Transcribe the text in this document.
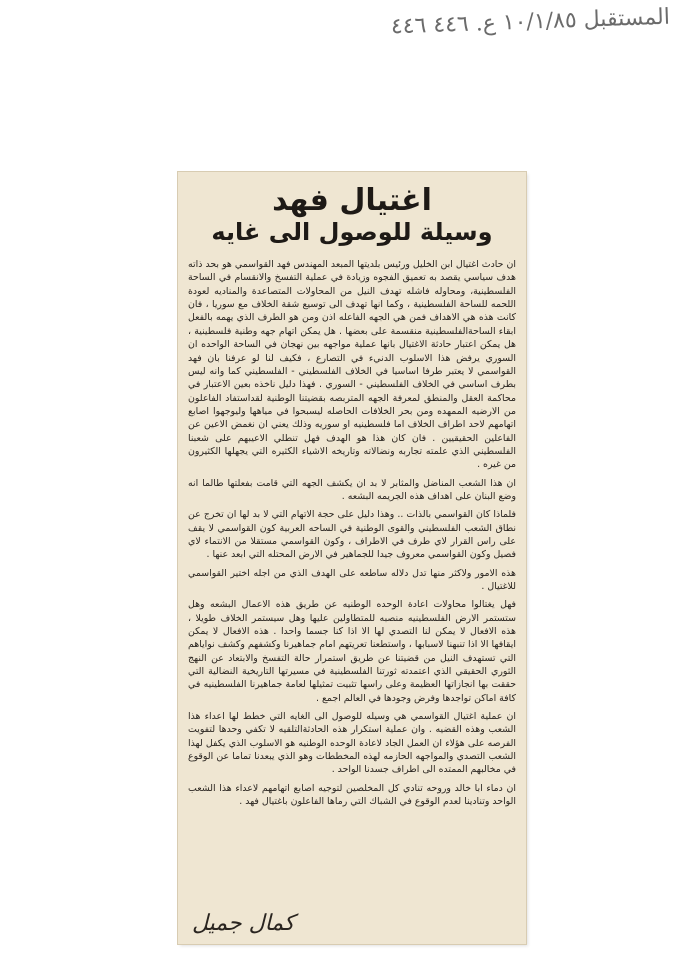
المستقبل ١٠/١/٨٥ ع. ٤٤٦ ٤٤٦
اغتيال فهد
وسيلة للوصول الى غايه

ان حادث اغتيال ابن الخليل ورئيس بلديتها المبعد المهندس فهد القواسمي هو بحد ذاته هدف سياسي يقصد به تعميق الفجوه وزيادة في عملية التفسخ والانقسام في الساحة الفلسطينية، ومحاوله فاشله تهدف النيل من المحاولات المتصاعدة والمناديه لعودة اللحمه للساحة الفلسطينية ، وكما انها تهدف الى توسيع شقة الخلاف مع سوريا ، فان كانت هذه هي الاهداف فمن هي الجهه الفاعله اذن ومن هو الطرف الذي يهمه بالفعل ابقاء الساحةالفلسطينية منقسمة على بعضها . هل يمكن اتهام جهه وطنية فلسطينية ، هل يمكن اعتبار حادثة الاغتيال بانها عملية مواجهه بين نهجان في الساحة الواحده ان السوري يرفض هذا الاسلوب الدنيء في التصارع ، فكيف لنا لو عرفنا بان فهد القواسمي لا يعتبر طرفا اساسيا في الخلاف الفلسطيني - الفلسطيني كما وانه ليس بطرف اساسي في الخلاف الفلسطيني - السوري . فهذا دليل ناخذه بعين الاعتبار في محاكمة العقل والمنطق لمعرفة الجهه المتربصه بقضيتنا الوطنية لقداستفاد الفاعلون من الارضيه الممهده ومن بحر الخلافات الحاصله ليسبحوا في مياهها وليوجهوا اصابع اتهامهم لاحد اطراف الخلاف اما فلسطينيه او سوريه وذلك يعني ان نغمض الاعين عن الفاعلين الحقيقيين . فان كان هذا هو الهدف فهل تنطلي الاعيبهم على شعبنا الفلسطيني الذي علمته تجاربه ونضالاته وتاريخه الاشياء الكثيره التي يجهلها الكثيرون من غيره .

ان هذا الشعب المناضل والمثابر لا بد ان يكشف الجهه التي قامت بفعلتها طالما انه وضع البنان على اهداف هذه الجريمه البشعه .

فلماذا كان القواسمي بالذات .. وهذا دليل على حجة الاتهام التي لا بد لها ان تخرج عن نطاق الشعب الفلسطيني والقوى الوطنية في الساحه العربية كون القواسمي لا يقف على راس القرار لاي طرف في الاطراف ، وكون القواسمي مستقلا من الانتماء لاي فصيل وكون القواسمي معروف جيدا للجماهير في الارض المحتله التي ابعد عنها .

هذه الامور ولاكثر منها تدل دلاله ساطعه على الهدف الذي من اجله اختير القواسمي للاغتيال .

فهل يغتالوا محاولات اعادة الوحده الوطنيه عن طريق هذه الاعمال البشعه وهل ستستمر الارض الفلسطينيه منصبه للمتطاولين عليها وهل سيستمر الخلاف طويلا ، هذه الافعال لا يمكن لنا التصدي لها الا اذا كنا جسما واحدا . هذه الافعال لا يمكن ايقافها الا اذا تنبهنا لاسبابها ، واستطعنا تعريتهم امام جماهيرنا وكشفهم وكشف نواياهم التي تستهدف النيل من قضيتنا عن طريق استمرار حالة التفسخ والابتعاد عن النهج الثوري الحقيقي الذي اعتمدته ثورتنا الفلسطينية في مسيرتها التاريخية النضالية التي حققت بها انجازاتها العظيمة وعلى راسها تثبيت تمثيلها لعامة جماهيرنا الفلسطينيه في كافة اماكن تواجدها وفرض وجودها في العالم اجمع .

ان عملية اغتيال القواسمي هي وسيله للوصول الى الغايه التي خطط لها اعداء هذا الشعب وهذه القضيه . وان عملية استكرار هذه الحادثةالتلقيه لا تكفي وحدها لتفويت الفرصه على هؤلاء ان العمل الجاد لاعادة الوحده الوطنيه هو الاسلوب الذي يكفل لهذا الشعب التصدي والمواجهه الحازمه لهذه المخططات وهو الذي يبعدنا تماما عن الوقوع في مخالبهم الممتده الى اطراف جسدنا الواحد .

ان دماء ابا خالد وروحه تنادي كل المخلصين لتوجيه اصابع اتهامهم لاعداء هذا الشعب الواحد وتنادينا لعدم الوقوع في الشباك التي رماها الفاعلون باغتيال فهد .

كمال جميل
